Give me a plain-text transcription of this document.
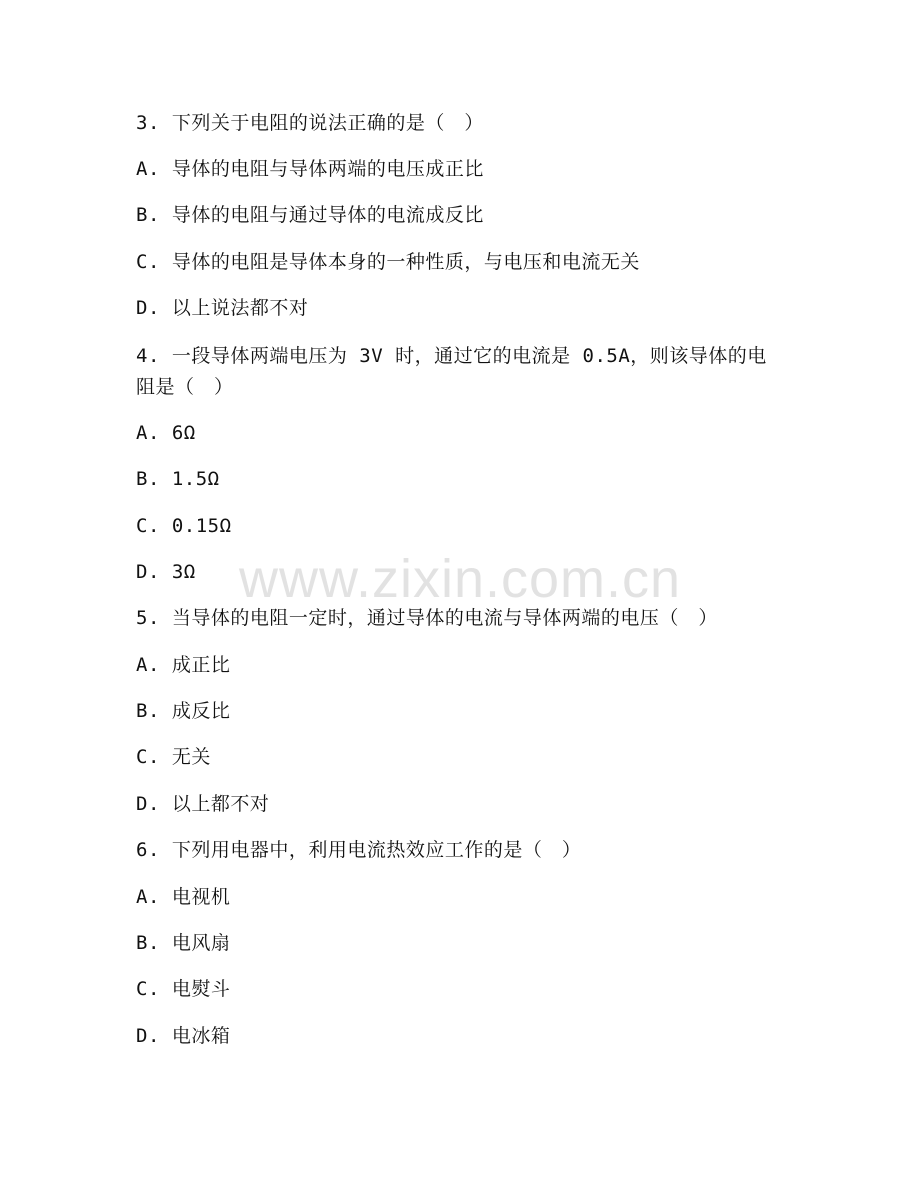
3. 下列关于电阻的说法正确的是（　）
A. 导体的电阻与导体两端的电压成正比
B. 导体的电阻与通过导体的电流成反比
C. 导体的电阻是导体本身的一种性质，与电压和电流无关
D. 以上说法都不对
4. 一段导体两端电压为 3V 时，通过它的电流是 0.5A，则该导体的电
阻是（　）
A. 6Ω
B. 1.5Ω
C. 0.15Ω
D. 3Ω
5. 当导体的电阻一定时，通过导体的电流与导体两端的电压（　）
A. 成正比
B. 成反比
C. 无关
D. 以上都不对
6. 下列用电器中，利用电流热效应工作的是（　）
A. 电视机
B. 电风扇
C. 电熨斗
D. 电冰箱
www.zixin.com.cn
